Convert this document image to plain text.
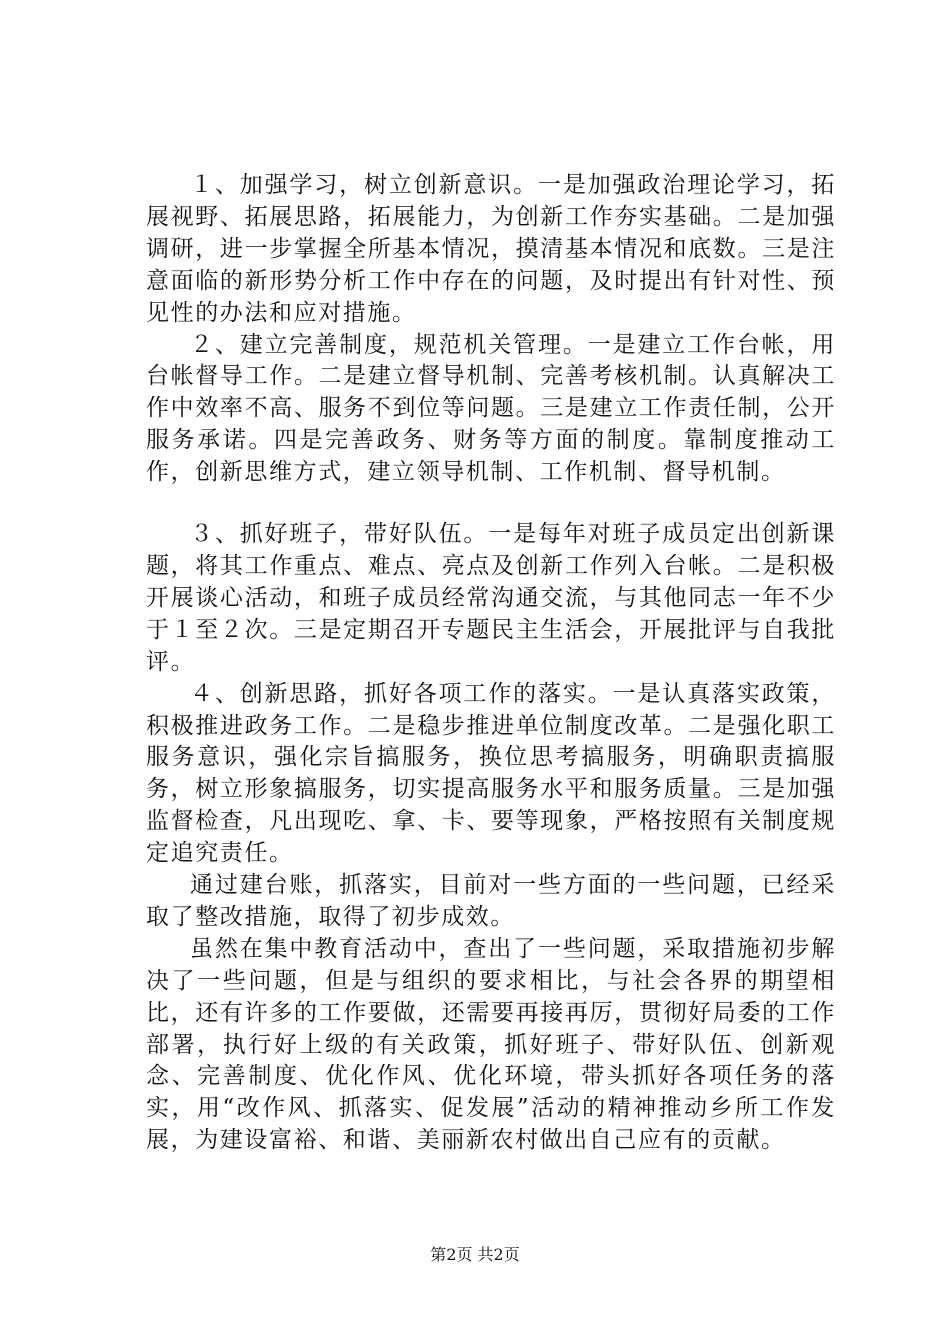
１、加强学习，树立创新意识。一是加强政治理论学习，拓展视野、拓展思路，拓展能力，为创新工作夯实基础。二是加强调研，进一步掌握全所基本情况，摸清基本情况和底数。三是注意面临的新形势分析工作中存在的问题，及时提出有针对性、预见性的办法和应对措施。

２、建立完善制度，规范机关管理。一是建立工作台帐，用台帐督导工作。二是建立督导机制、完善考核机制。认真解决工作中效率不高、服务不到位等问题。三是建立工作责任制，公开服务承诺。四是完善政务、财务等方面的制度。靠制度推动工作，创新思维方式，建立领导机制、工作机制、督导机制。

３、抓好班子，带好队伍。一是每年对班子成员定出创新课题，将其工作重点、难点、亮点及创新工作列入台帐。二是积极开展谈心活动，和班子成员经常沟通交流，与其他同志一年不少于１至２次。三是定期召开专题民主生活会，开展批评与自我批评。

４、创新思路，抓好各项工作的落实。一是认真落实政策，积极推进政务工作。二是稳步推进单位制度改革。二是强化职工服务意识，强化宗旨搞服务，换位思考搞服务，明确职责搞服务，树立形象搞服务，切实提高服务水平和服务质量。三是加强监督检查，凡出现吃、拿、卡、要等现象，严格按照有关制度规定追究责任。

通过建台账，抓落实，目前对一些方面的一些问题，已经采取了整改措施，取得了初步成效。

虽然在集中教育活动中，查出了一些问题，采取措施初步解决了一些问题，但是与组织的要求相比，与社会各界的期望相比，还有许多的工作要做，还需要再接再厉，贯彻好局委的工作部署，执行好上级的有关政策，抓好班子、带好队伍、创新观念、完善制度、优化作风、优化环境，带头抓好各项任务的落实，用“改作风、抓落实、促发展”活动的精神推动乡所工作发展，为建设富裕、和谐、美丽新农村做出自己应有的贡献。

第2页 共2页
